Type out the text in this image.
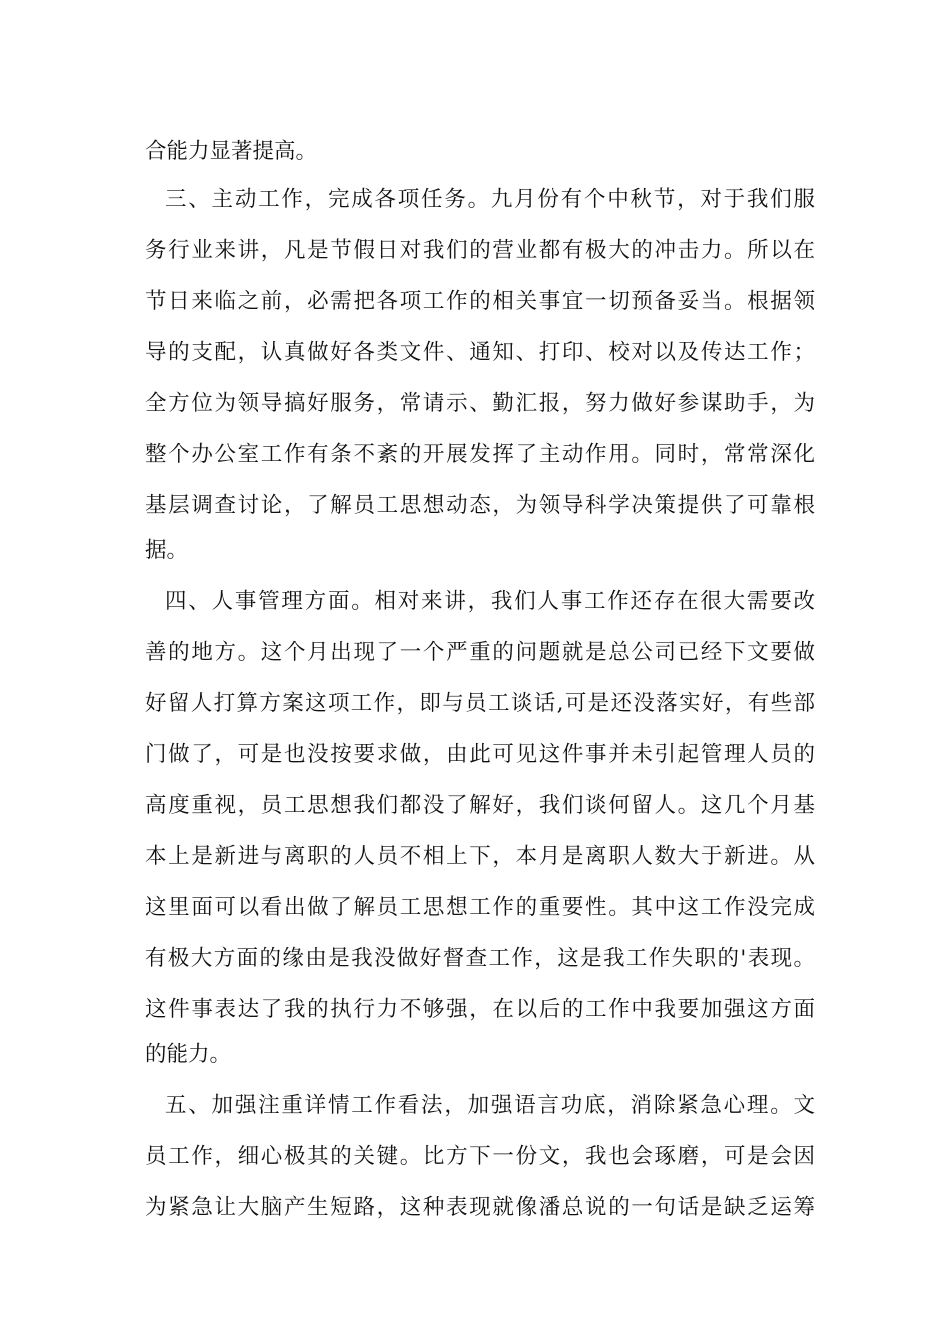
合能力显著提高。
三、主动工作，完成各项任务。九月份有个中秋节，对于我们服
务行业来讲，凡是节假日对我们的营业都有极大的冲击力。所以在
节日来临之前，必需把各项工作的相关事宜一切预备妥当。根据领
导的支配，认真做好各类文件、通知、打印、校对以及传达工作；
全方位为领导搞好服务，常请示、勤汇报，努力做好参谋助手，为
整个办公室工作有条不紊的开展发挥了主动作用。同时，常常深化
基层调查讨论，了解员工思想动态，为领导科学决策提供了可靠根
据。
四、人事管理方面。相对来讲，我们人事工作还存在很大需要改
善的地方。这个月出现了一个严重的问题就是总公司已经下文要做
好留人打算方案这项工作，即与员工谈话,可是还没落实好，有些部
门做了，可是也没按要求做，由此可见这件事并未引起管理人员的
高度重视，员工思想我们都没了解好，我们谈何留人。这几个月基
本上是新进与离职的人员不相上下，本月是离职人数大于新进。从
这里面可以看出做了解员工思想工作的重要性。其中这工作没完成
有极大方面的缘由是我没做好督查工作，这是我工作失职的'表现。
这件事表达了我的执行力不够强，在以后的工作中我要加强这方面
的能力。
五、加强注重详情工作看法，加强语言功底，消除紧急心理。文
员工作，细心极其的关键。比方下一份文，我也会琢磨，可是会因
为紧急让大脑产生短路，这种表现就像潘总说的一句话是缺乏运筹
